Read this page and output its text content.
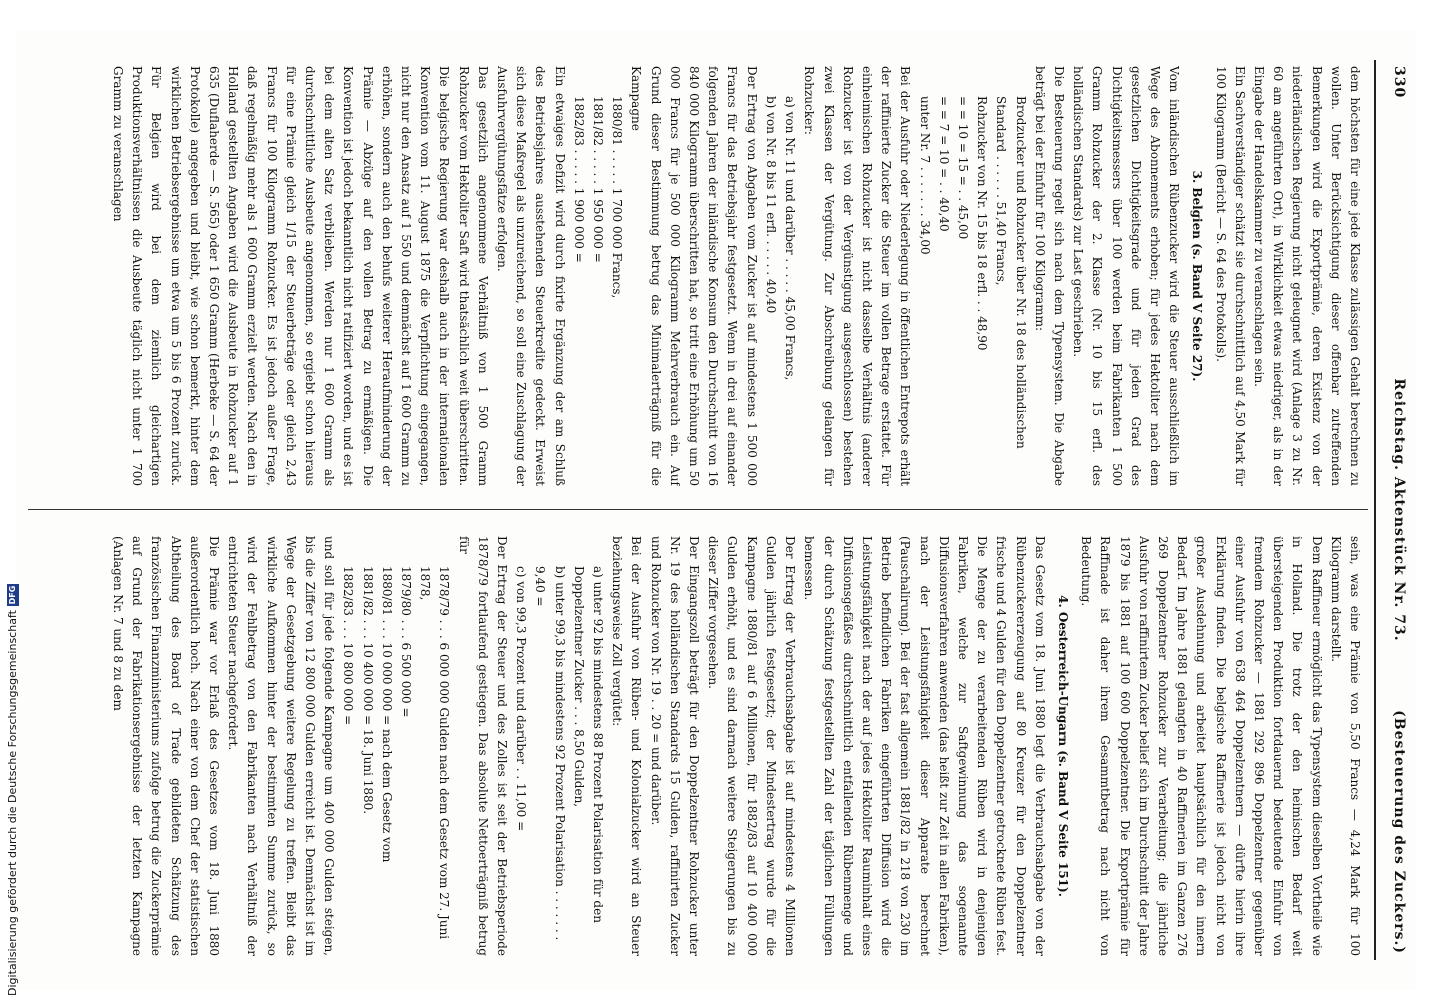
330
Reichstag. Aktenstück Nr. 73.
(Besteuerung des Zuckers.)

dem höchsten für eine jede Klasse zulässigen Gehalt berechnen zu wollen. Unter Berücksichtigung dieser offenbar zutreffenden Bemerkungen wird die Exportprämie, deren Existenz von der niederländischen Regierung nicht geleugnet wird (Anlage 3 zu Nr. 60 am angeführten Ort), in Wirklichkeit etwas niedriger, als in der Eingabe der Handelskammer zu veranschlagen sein.

Ein Sachverständiger schätzt sie durchschnittlich auf 4,50 Mark für 100 Kilogramm (Bericht — S. 64 des Protokolls).

3. Belgien (s. Band V Seite 27).

Vom inländischen Rübenzucker wird die Steuer ausschließlich im Wege des Abonnements erhoben; für jedes Hektoliter nach dem gesetzlichen Dichtigkeitsgrade und für jeden Grad des Dichtigkeitsmessers über 100 werden beim Fabrikanten 1 500 Gramm Rohzucker der 2. Klasse (Nr. 10 bis 15 erfl. des holländischen Standards) zur Last geschrieben.

Die Besteuerung regelt sich nach dem Typensystem. Die Abgabe beträgt bei der Einfuhr für 100 Kilogramm:

Brodzucker und Rohzucker über Nr. 18 des holländischen Standard . . . . . . 51,40 Francs,

Rohzucker von Nr. 15 bis 18 erfl. . . 48,90

= = 10 = 15 = . . 45,00

= = 7 = 10 = . . 40,40

unter Nr. 7 . . . . . . . 34,00

Bei der Ausfuhr oder Niederlegung in öffentlichen Entrepots erhält der raffinierte Zucker die Steuer im vollen Betrage erstattet. Für einheimischen Rohzucker ist nicht dasselbe Verhältnis (anderer Rohzucker ist von der Vergünstigung ausgeschlossen) bestehen zwei Klassen der Vergütung. Zur Abschreibung gelangen für Rohzucker:

a) von Nr. 11 und darüber . . . . . 45,00 Francs,

b) von Nr. 8 bis 11 erfl. . . . . . 40,40

Der Ertrag von Abgaben vom Zucker ist auf mindestens 1 500 000 Francs für das Betriebsjahr festgesetzt. Wenn in drei auf einander folgenden Jahren der inländische Konsum den Durchschnitt von 16 840 000 Kilogramm überschritten hat, so tritt eine Erhöhung um 50 000 Francs für je 500 000 Kilogramm Mehrverbrauch ein. Auf Grund dieser Bestimmung betrug das Minimalerträgniß für die Kampagne

1880/81 . . . . . 1 700 000 Francs,

1881/82 . . . . . 1 950 000 =

1882/83 . . . . . 1 900 000 =

Ein etwaiges Defizit wird durch fixirte Ergänzung der am Schluß des Betriebsjahres ausstehenden Steuerkredite gedeckt. Erweist sich diese Maßregel als unzureichend, so soll eine Zuschlagung der Ausfuhrvergütungsfätze erfolgen.

Das gesetzlich angenommene Verhältniß von 1 500 Gramm Rohzucker vom Hektoliter Saft wird thatsächlich weit überschritten. Die belgische Regierung war deshalb auch in der internationalen Konvention vom 11. August 1875 die Verpflichtung eingegangen, nicht nur den Ansatz auf 1 550 und demnächst auf 1 600 Gramm zu erhöhen, sondern auch den behufs weiterer Heraufminderung der Prämie — Abzüge auf den vollen Betrag zu ermäßigen. Die Konvention ist jedoch bekanntlich nicht ratifiziert worden, und es ist bei dem alten Satz verblieben. Werden nur 1 600 Gramm als durchschnittliche Ausbeute angenommen, so ergiebt schon hieraus für eine Prämie gleich 1/15 der Steuerbeträge oder gleich 2,43 Francs für 100 Kilogramm Rohzucker. Es ist jedoch außer Frage, daß regelmäßig mehr als 1 600 Gramm erzielt werden. Nach den in Holland gestellten Angaben wird die Ausbeute in Rohzucker auf 1 635 (Duflaherde — S. 565) oder 1 650 Gramm (Herbeke — S. 64 der Protokolle) angegeben und bleibt, wie schon bemerkt, hinter dem wirklichen Betriebsergebnisse um etwa um 5 bis 6 Prozent zurück. Für Belgien wird bei dem ziemlich gleichartigen Produktionsverhältnissen die Ausbeute täglich nicht unter 1 700 Gramm zu veranschlagen

sein, was eine Prämie von 5,50 Francs — 4,24 Mark für 100 Kilogramm darstellt.

Dem Raffineur ermöglicht das Typensystem dieselben Vortheile wie in Holland. Die trotz der den heimischen Bedarf weit übersteigenden Produktion fortdauernd bedeutende Einfuhr von fremdem Rohzucker — 1881 292 896 Doppelzentner gegenüber einer Ausfuhr von 638 464 Doppelzentnern — dürfte hierin ihre Erklärung finden. Die belgische Raffinerie ist jedoch nicht von großer Ausdehnung und arbeitet hauptsächlich für den innern Bedarf. Im Jahre 1881 gelangten in 40 Raffinerien im Ganzen 276 269 Doppelzentner Rohzucker zur Verarbeitung; die jährliche Ausfuhr von raffinirtem Zucker belief sich im Durchschnitt der Jahre 1879 bis 1881 auf 100 600 Doppelzentner. Die Exportprämie für Raffinade ist daher ihrem Gesammtbetrag nach nicht von Bedeutung.

4. Oesterreich-Ungarn (s. Band V Seite 151).

Das Gesetz vom 18. Juni 1880 legt die Verbrauchsabgabe von der Rübenzuckererzeugung auf 80 Kreuzer für den Doppelzentner frische und 4 Gulden für den Doppelzentner getrocknete Rüben fest. Die Menge der zu verarbeitenden Rüben wird in denjenigen Fabriken, welche zur Saftgewinnung das sogenannte Diffusionsverfahren anwenden (das heißt zur Zeit in allen Fabriken), nach der Leistungsfähigkeit dieser Apparate berechnet (Pauschalirung). Bei der fast allgemein 1881/82 in 218 von 230 im Betrieb befindlichen Fabriken eingeführten Diffusion wird die Leistungsfähigkeit nach der auf jedes Hektoliter Rauminhalt eines Diffusionsgefäßes durchschnittlich entfallenden Rübenmenge und der durch Schätzung festgestellten Zahl der täglichen Füllungen bemessen.

Der Ertrag der Verbrauchsabgabe ist auf mindestens 4 Millionen Gulden jährlich festgesetzt; der Mindestertrag wurde für die Kampagne 1880/81 auf 6 Millionen, für 1882/83 auf 10 400 000 Gulden erhöht, und es sind darnach weitere Steigerungen bis zu dieser Ziffer vorgesehen.

Der Eingangszoll beträgt für den Doppelzentner Rohzucker unter Nr. 19 des holländischen Standards 15 Gulden, raffinirten Zucker und Rohzucker von Nr. 19 . . 20 = und darüber.

Bei der Ausfuhr von Rüben- und Kolonialzucker wird an Steuer beziehungsweise Zoll vergütet:

a) unter 92 bis mindestens 88 Prozent Polarisation für den Doppelzentner Zucker . . . 8,50 Gulden,

b) unter 99,3 bis mindestens 92 Prozent Polarisation . . . . . . . 9,40 =

c) von 99,3 Prozent und darüber . . 11,00 =

Der Ertrag der Steuer und des Zolles ist seit der Betriebsperiode 1878/79 fortlaufend gestiegen. Das absolute Nettoerträgniß betrug für

1878/79 . . . 6 000 000 Gulden nach dem Gesetz vom 27. Juni 1878,

1879/80 . . . 6 500 000 =

1880/81 . . . 10 000 000 = nach dem Gesetz vom

1881/82 . . . 10 400 000 = 18. Juni 1880.

1882/83 . . . 10 800 000 =

und soll für jede folgende Kampagne um 400 000 Gulden steigen, bis die Ziffer von 12 800 000 Gulden erreicht ist. Demnächst ist im Wege der Gesetzgebung weitere Regelung zu treffen. Bleibt das wirkliche Aufkommen hinter der bestimmten Summe zurück, so wird der Fehlbetrag von den Fabrikanten nach Verhältniß der entrichteten Steuer nachgefordert.

Die Prämie war vor Erlaß des Gesetzes vom 18. Juni 1880 außerordentlich hoch. Nach einer von dem Chef der statistischen Abtheilung des Board of Trade gebildeten Schätzung des französischen Finanzministeriums zufolge betrug die Zuckerprämie auf Grund der Fabrikationsergebnisse der letzten Kampagne (Anlagen Nr. 7 und 8 zu dem

Digitalisierung gefördert durch die Deutsche Forschungsgemeinschaft
DFG
